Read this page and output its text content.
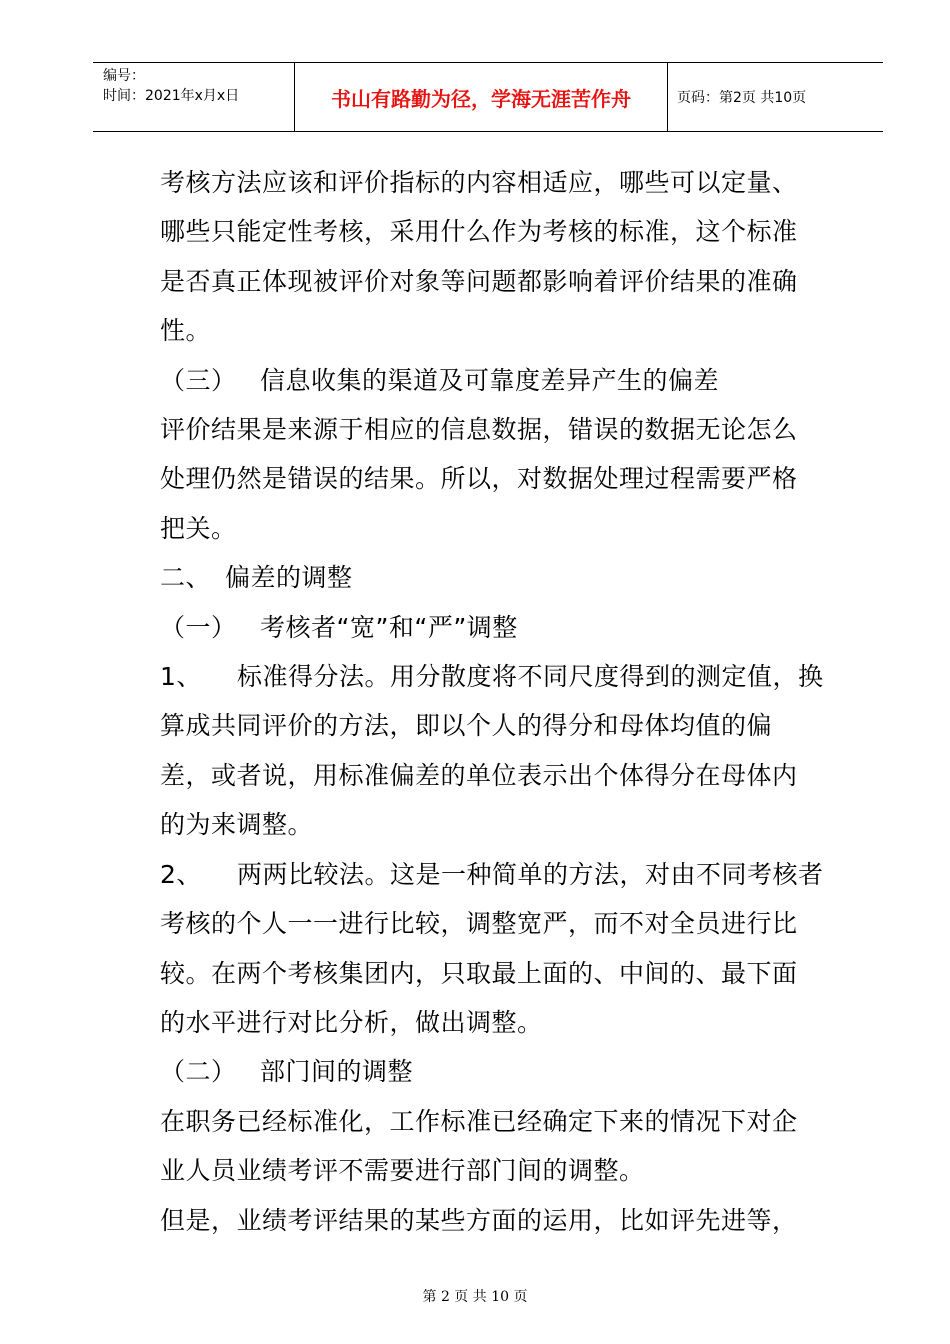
编号：
时间：2021年x月x日	书山有路勤为径，学海无涯苦作舟	页码：第2页 共10页

考核方法应该和评价指标的内容相适应，哪些可以定量、

哪些只能定性考核，采用什么作为考核的标准，这个标准

是否真正体现被评价对象等问题都影响着评价结果的准确

性。

（三） 信息收集的渠道及可靠度差异产生的偏差

评价结果是来源于相应的信息数据，错误的数据无论怎么

处理仍然是错误的结果。所以，对数据处理过程需要严格

把关。

二、 偏差的调整

（一） 考核者“宽”和“严”调整

1、 标准得分法。用分散度将不同尺度得到的测定值，换

算成共同评价的方法，即以个人的得分和母体均值的偏

差，或者说，用标准偏差的单位表示出个体得分在母体内

的为来调整。

2、 两两比较法。这是一种简单的方法，对由不同考核者

考核的个人一一进行比较，调整宽严，而不对全员进行比

较。在两个考核集团内，只取最上面的、中间的、最下面

的水平进行对比分析，做出调整。

（二） 部门间的调整

在职务已经标准化，工作标准已经确定下来的情况下对企

业人员业绩考评不需要进行部门间的调整。

但是，业绩考评结果的某些方面的运用，比如评先进等，

第 2 页 共 10 页
